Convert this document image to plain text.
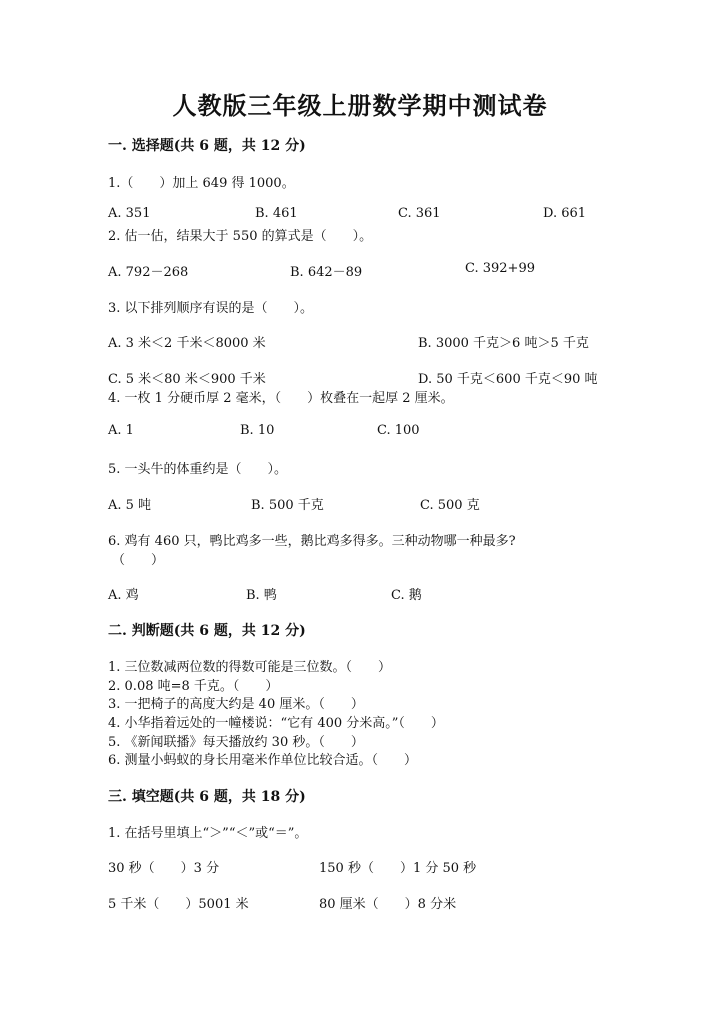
人教版三年级上册数学期中测试卷
一. 选择题(共 6 题，共 12 分)
1.（　　）加上 649 得 1000。
A. 351	B. 461	C. 361	D. 661
2. 估一估，结果大于 550 的算式是（　　）。
A. 792－268	B. 642－89	C. 392+99
3. 以下排列顺序有误的是（　　）。
A. 3 米＜2 千米＜8000 米	B. 3000 千克＞6 吨＞5 千克
C. 5 米＜80 米＜900 千米	D. 50 千克＜600 千克＜90 吨
4. 一枚 1 分硬币厚 2 毫米，（　　）枚叠在一起厚 2 厘米。
A. 1	B. 10	C. 100
5. 一头牛的体重约是（　　）。
A. 5 吨	B. 500 千克	C. 500 克
6. 鸡有 460 只，鸭比鸡多一些，鹅比鸡多得多。三种动物哪一种最多?
（　　）
A. 鸡	B. 鸭	C. 鹅
二. 判断题(共 6 题，共 12 分)
1. 三位数减两位数的得数可能是三位数。（　　）
2. 0.08 吨=8 千克。（　　）
3. 一把椅子的高度大约是 40 厘米。（　　）
4. 小华指着远处的一幢楼说：“它有 400 分米高。”（　　）
5. 《新闻联播》每天播放约 30 秒。（　　）
6. 测量小蚂蚁的身长用毫米作单位比较合适。（　　）
三. 填空题(共 6 题，共 18 分)
1. 在括号里填上“＞”“＜”或“＝”。
30 秒（　　）3 分	150 秒（　　）1 分 50 秒
5 千米（　　）5001 米	80 厘米（　　）8 分米
